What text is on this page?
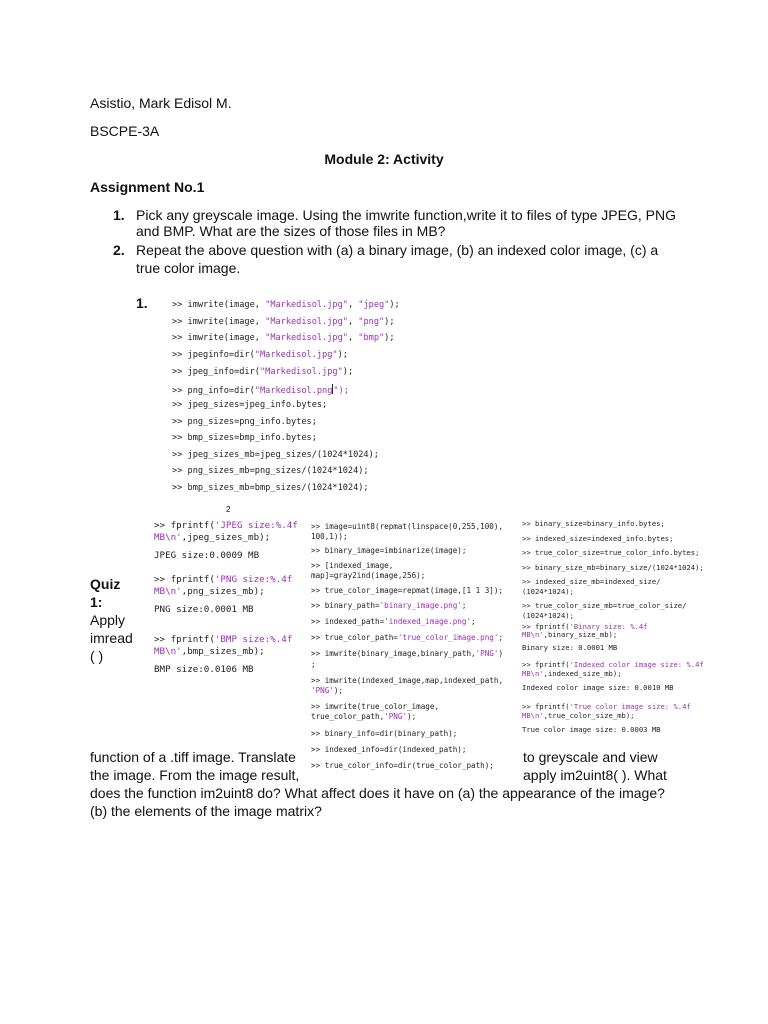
Asistio, Mark Edisol M.
BSCPE-3A
Module 2: Activity
Assignment No.1
1. Pick any greyscale image. Using the imwrite function,write it to files of type JPEG, PNG
and BMP. What are the sizes of those files in MB?
2. Repeat the above question with (a) a binary image, (b) an indexed color image, (c) a
true color image.
1.	>> imwrite(image, "Markedisol.jpg", "jpeg");
>> imwrite(image, "Markedisol.jpg", "png");
>> imwrite(image, "Markedisol.jpg", "bmp");
>> jpeginfo=dir("Markedisol.jpg");
>> jpeg_info=dir("Markedisol.jpg");
>> png_info=dir("Markedisol.png");
>> jpeg_sizes=jpeg_info.bytes;
>> png_sizes=png_info.bytes;
>> bmp_sizes=bmp_info.bytes;
>> jpeg_sizes_mb=jpeg_sizes/(1024*1024);
>> png_sizes_mb=png_sizes/(1024*1024);
>> bmp_sizes_mb=bmp_sizes/(1024*1024);
2
>> fprintf('JPEG size:%.4f
MB\n',jpeg_sizes_mb);
JPEG size:0.0009 MB
>> fprintf('PNG size:%.4f
MB\n',png_sizes_mb);
PNG size:0.0001 MB
>> fprintf('BMP size:%.4f
MB\n',bmp_sizes_mb);
BMP size:0.0106 MB
>> image=uint8(repmat(linspace(0,255,100),
100,1));
>> binary_image=imbinarize(image);
>> [indexed_image,
map]=gray2ind(image,256);
>> true_color_image=repmat(image,[1 1 3]);
>> binary_path='binary_image.png';
>> indexed_path='indexed_image.png';
>> true_color_path='true_color_image.png';
>> imwrite(binary_image,binary_path,'PNG')
;
>> imwrite(indexed_image,map,indexed_path,
'PNG');
>> imwrite(true_color_image,
true_color_path,'PNG');
>> binary_info=dir(binary_path);
>> indexed_info=dir(indexed_path);
>> true_color_info=dir(true_color_path);
>> binary_size=binary_info.bytes;
>> indexed_size=indexed_info.bytes;
>> true_color_size=true_color_info.bytes;
>> binary_size_mb=binary_size/(1024*1024);
>> indexed_size_mb=indexed_size/
(1024*1024);
>> true_color_size_mb=true_color_size/
(1024*1024);
>> fprintf('Binary size: %.4f
MB\n',binary_size_mb);
Binary size: 0.0001 MB
>> fprintf('Indexed color image size: %.4f
MB\n',indexed_size_mb);
Indexed color image size: 0.0010 MB
>> fprintf('True color image size: %.4f
MB\n',true_color_size_mb);
True color image size: 0.0003 MB
Quiz
1:
Apply
imread
( )
function of a .tiff image. Translate	to greyscale and view
the image. From the image result,	apply im2uint8( ). What
does the function im2uint8 do? What affect does it have on (a) the appearance of the image?
(b) the elements of the image matrix?
